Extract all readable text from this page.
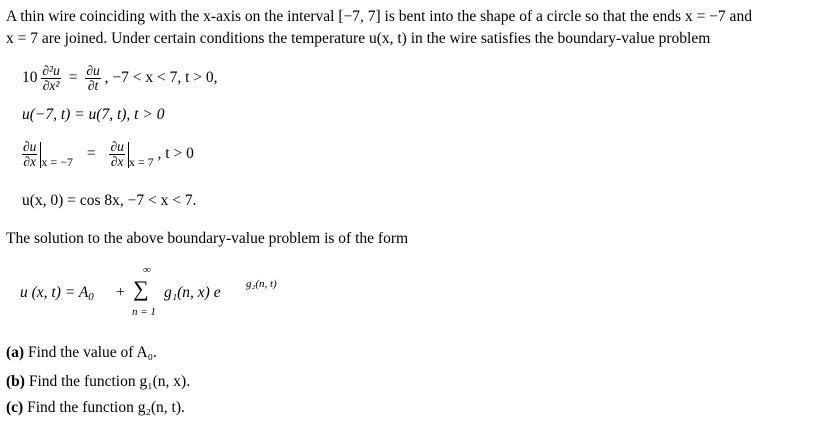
A thin wire coinciding with the x-axis on the interval [−7, 7] is bent into the shape of a circle so that the ends x = −7 and
x = 7 are joined. Under certain conditions the temperature u(x, t) in the wire satisfies the boundary-value problem
$10 \frac{\text{∂²u}}{\text{∂x²}} = \frac{\partial u}{\partial t}$ , −7 < x < 7, t > 0,
u(−7, t) = u(7, t), t > 0
$\frac{\partial u}{\partial x} _{x = -7} = \frac{\partial u}{\partial x} _{x = 7}$ , t > 0
u(x, 0) = cos 8x, −7 < x < 7.
The solution to the above boundary-value problem is of the form
u (x, t) = A0 +
∞
∑
n = 1
g₁(n, x) e g₂(n, t)
(a) Find the value of A₀.
(b) Find the function g₁(n, x).
(c) Find the function g₂(n, t).
